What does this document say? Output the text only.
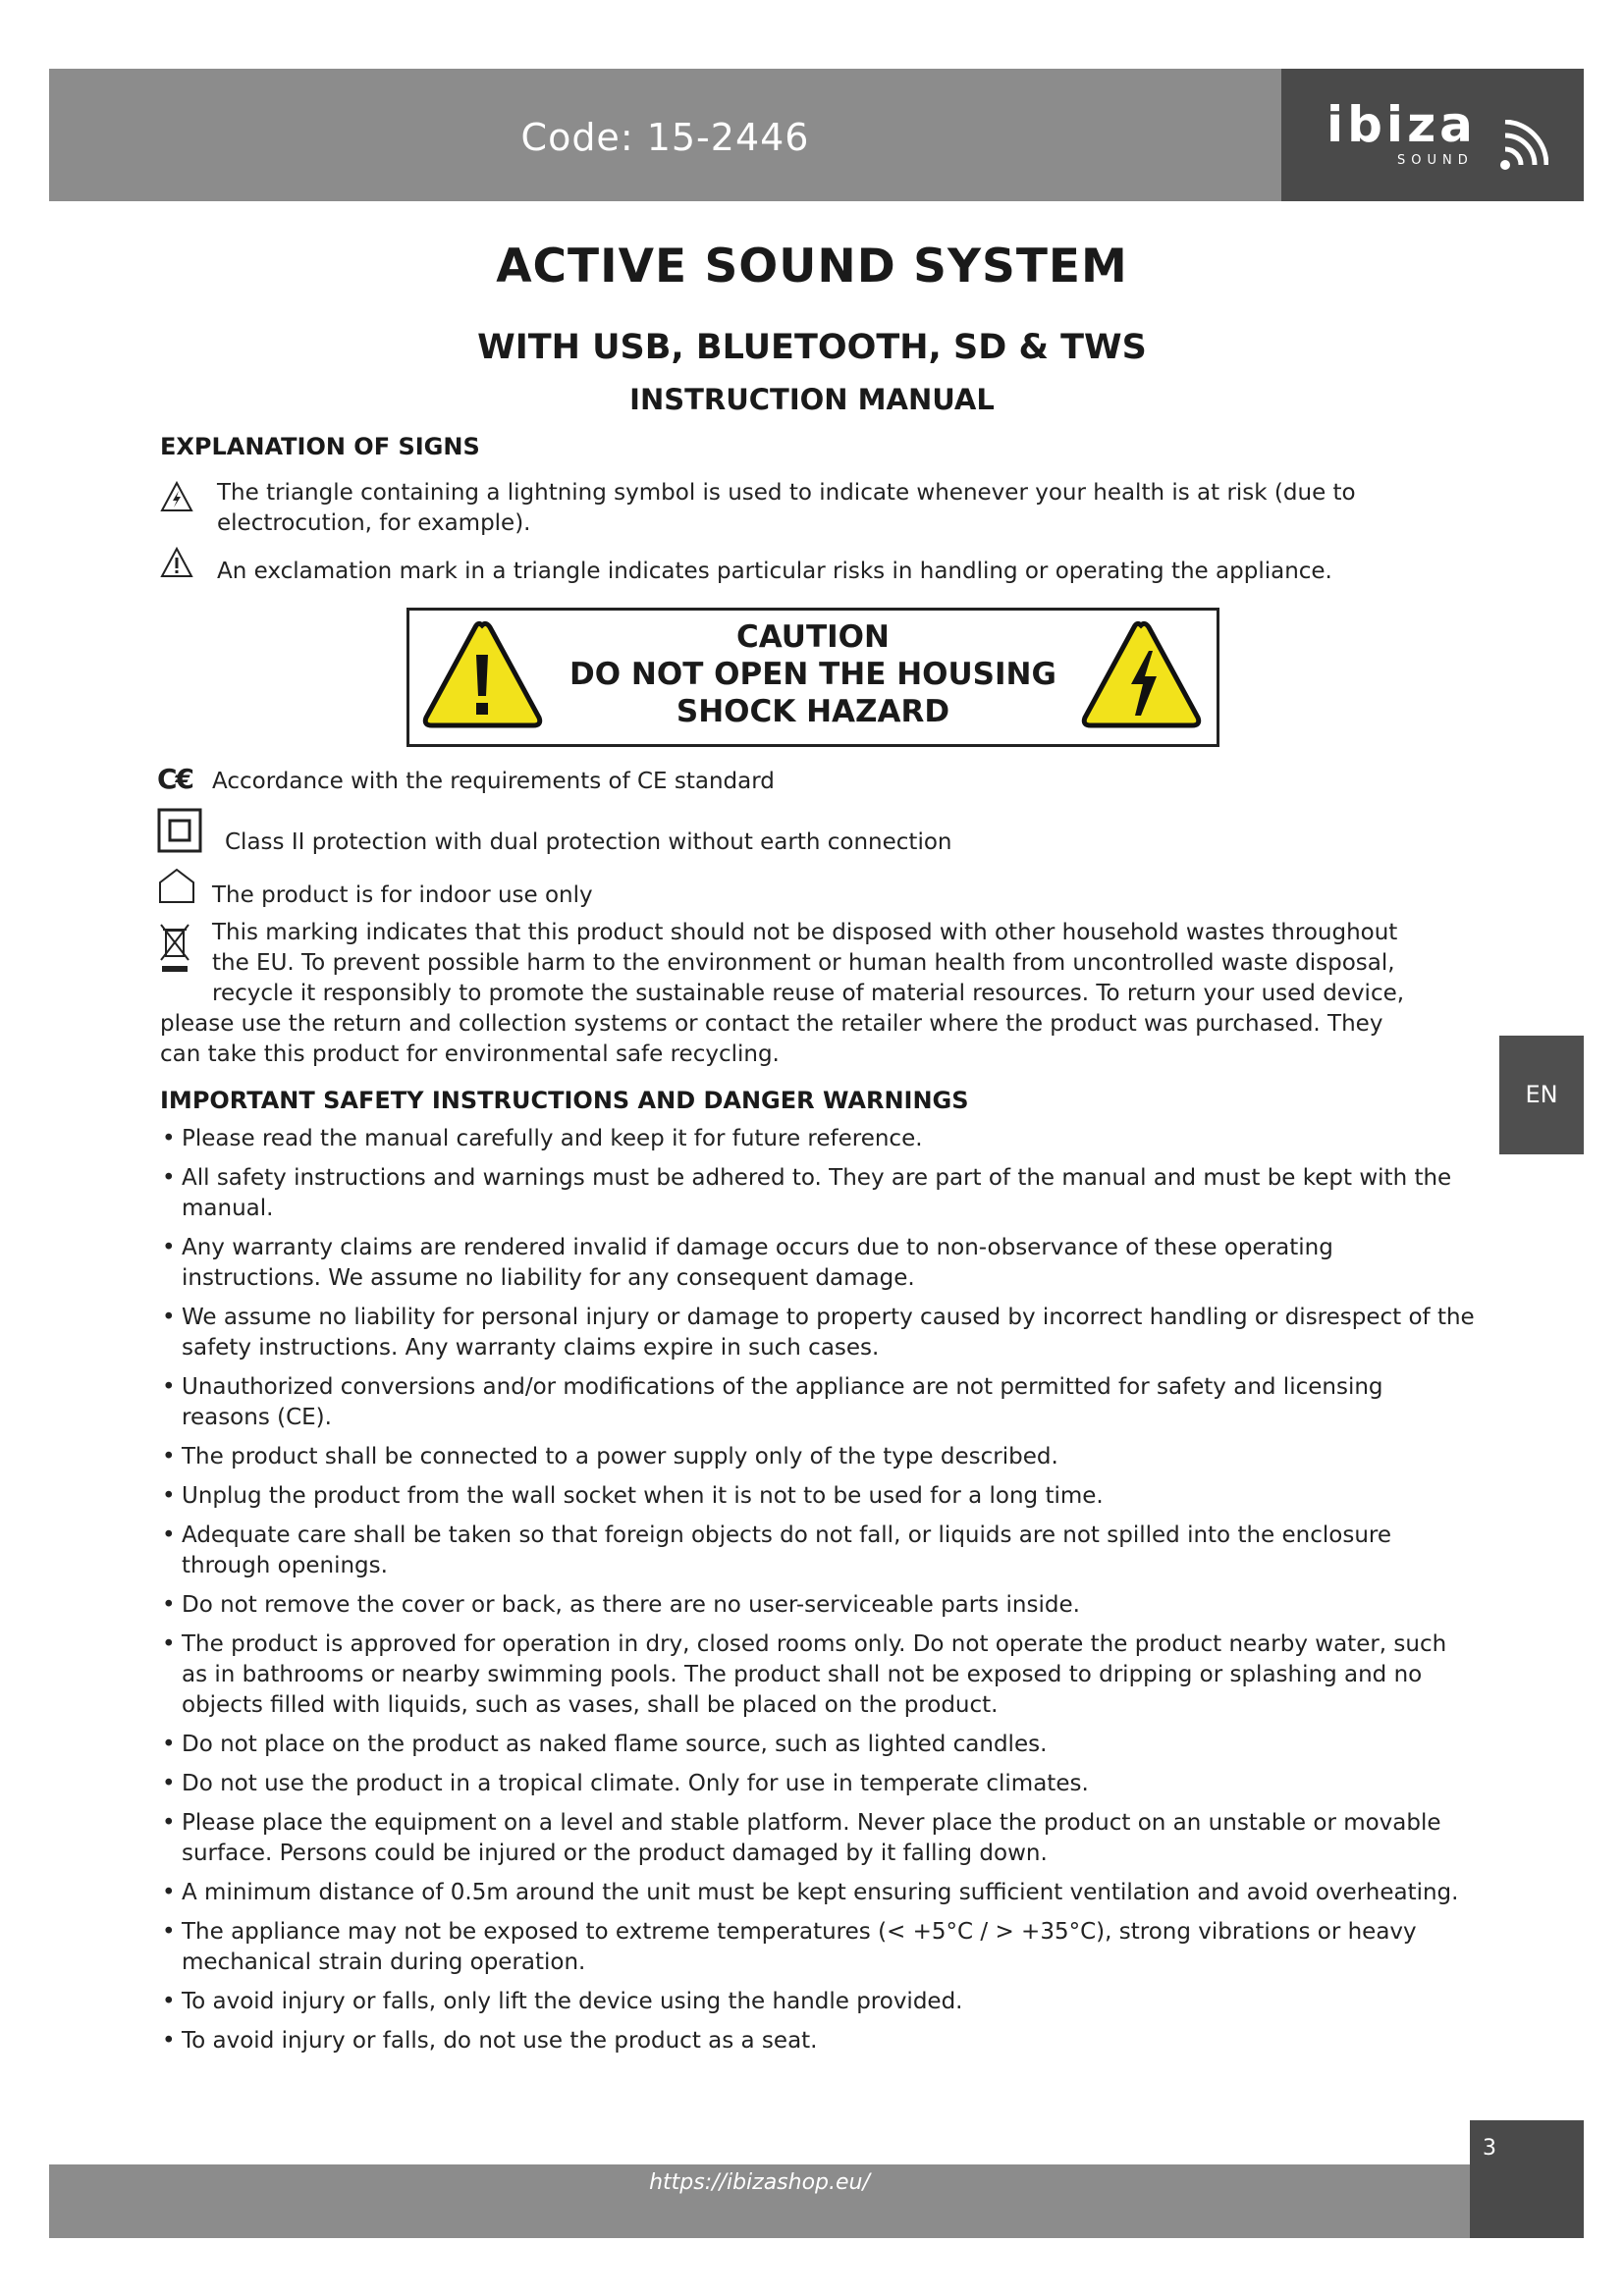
Code: 15-2446	ibiza
SOUND
ACTIVE SOUND SYSTEM
WITH USB, BLUETOOTH, SD & TWS
INSTRUCTION MANUAL
EXPLANATION OF SIGNS
The triangle containing a lightning symbol is used to indicate whenever your health is at risk (due to
electrocution, for example).
An exclamation mark in a triangle indicates particular risks in handling or operating the appliance.
CAUTION
DO NOT OPEN THE HOUSING
SHOCK HAZARD
C€ Accordance with the requirements of CE standard
Class II protection with dual protection without earth connection
The product is for indoor use only
This marking indicates that this product should not be disposed with other household wastes throughout
the EU. To prevent possible harm to the environment or human health from uncontrolled waste disposal,
recycle it responsibly to promote the sustainable reuse of material resources. To return your used device,
please use the return and collection systems or contact the retailer where the product was purchased. They
can take this product for environmental safe recycling.
IMPORTANT SAFETY INSTRUCTIONS AND DANGER WARNINGS
• Please read the manual carefully and keep it for future reference.
• All safety instructions and warnings must be adhered to. They are part of the manual and must be kept with the manual.
• Any warranty claims are rendered invalid if damage occurs due to non-observance of these operating instructions. We assume no liability for any consequent damage.
• We assume no liability for personal injury or damage to property caused by incorrect handling or disrespect of the safety instructions. Any warranty claims expire in such cases.
• Unauthorized conversions and/or modifications of the appliance are not permitted for safety and licensing reasons (CE).
• The product shall be connected to a power supply only of the type described.
• Unplug the product from the wall socket when it is not to be used for a long time.
• Adequate care shall be taken so that foreign objects do not fall, or liquids are not spilled into the enclosure through openings.
• Do not remove the cover or back, as there are no user-serviceable parts inside.
• The product is approved for operation in dry, closed rooms only. Do not operate the product nearby water, such as in bathrooms or nearby swimming pools. The product shall not be exposed to dripping or splashing and no objects filled with liquids, such as vases, shall be placed on the product.
• Do not place on the product as naked flame source, such as lighted candles.
• Do not use the product in a tropical climate. Only for use in temperate climates.
• Please place the equipment on a level and stable platform. Never place the product on an unstable or movable surface. Persons could be injured or the product damaged by it falling down.
• A minimum distance of 0.5m around the unit must be kept ensuring sufficient ventilation and avoid overheating.
• The appliance may not be exposed to extreme temperatures (< +5°C / > +35°C), strong vibrations or heavy mechanical strain during operation.
• To avoid injury or falls, only lift the device using the handle provided.
• To avoid injury or falls, do not use the product as a seat.
EN
https://ibizashop.eu/
3
